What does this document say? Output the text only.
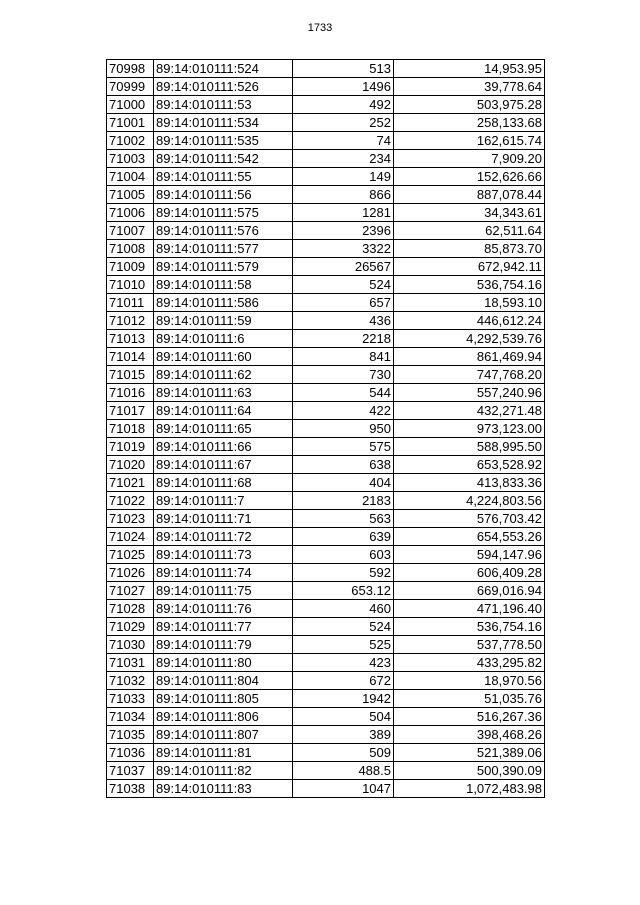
1733
70998	89:14:010111:524	513	14,953.95
70999	89:14:010111:526	1496	39,778.64
71000	89:14:010111:53	492	503,975.28
71001	89:14:010111:534	252	258,133.68
71002	89:14:010111:535	74	162,615.74
71003	89:14:010111:542	234	7,909.20
71004	89:14:010111:55	149	152,626.66
71005	89:14:010111:56	866	887,078.44
71006	89:14:010111:575	1281	34,343.61
71007	89:14:010111:576	2396	62,511.64
71008	89:14:010111:577	3322	85,873.70
71009	89:14:010111:579	26567	672,942.11
71010	89:14:010111:58	524	536,754.16
71011	89:14:010111:586	657	18,593.10
71012	89:14:010111:59	436	446,612.24
71013	89:14:010111:6	2218	4,292,539.76
71014	89:14:010111:60	841	861,469.94
71015	89:14:010111:62	730	747,768.20
71016	89:14:010111:63	544	557,240.96
71017	89:14:010111:64	422	432,271.48
71018	89:14:010111:65	950	973,123.00
71019	89:14:010111:66	575	588,995.50
71020	89:14:010111:67	638	653,528.92
71021	89:14:010111:68	404	413,833.36
71022	89:14:010111:7	2183	4,224,803.56
71023	89:14:010111:71	563	576,703.42
71024	89:14:010111:72	639	654,553.26
71025	89:14:010111:73	603	594,147.96
71026	89:14:010111:74	592	606,409.28
71027	89:14:010111:75	653.12	669,016.94
71028	89:14:010111:76	460	471,196.40
71029	89:14:010111:77	524	536,754.16
71030	89:14:010111:79	525	537,778.50
71031	89:14:010111:80	423	433,295.82
71032	89:14:010111:804	672	18,970.56
71033	89:14:010111:805	1942	51,035.76
71034	89:14:010111:806	504	516,267.36
71035	89:14:010111:807	389	398,468.26
71036	89:14:010111:81	509	521,389.06
71037	89:14:010111:82	488.5	500,390.09
71038	89:14:010111:83	1047	1,072,483.98
